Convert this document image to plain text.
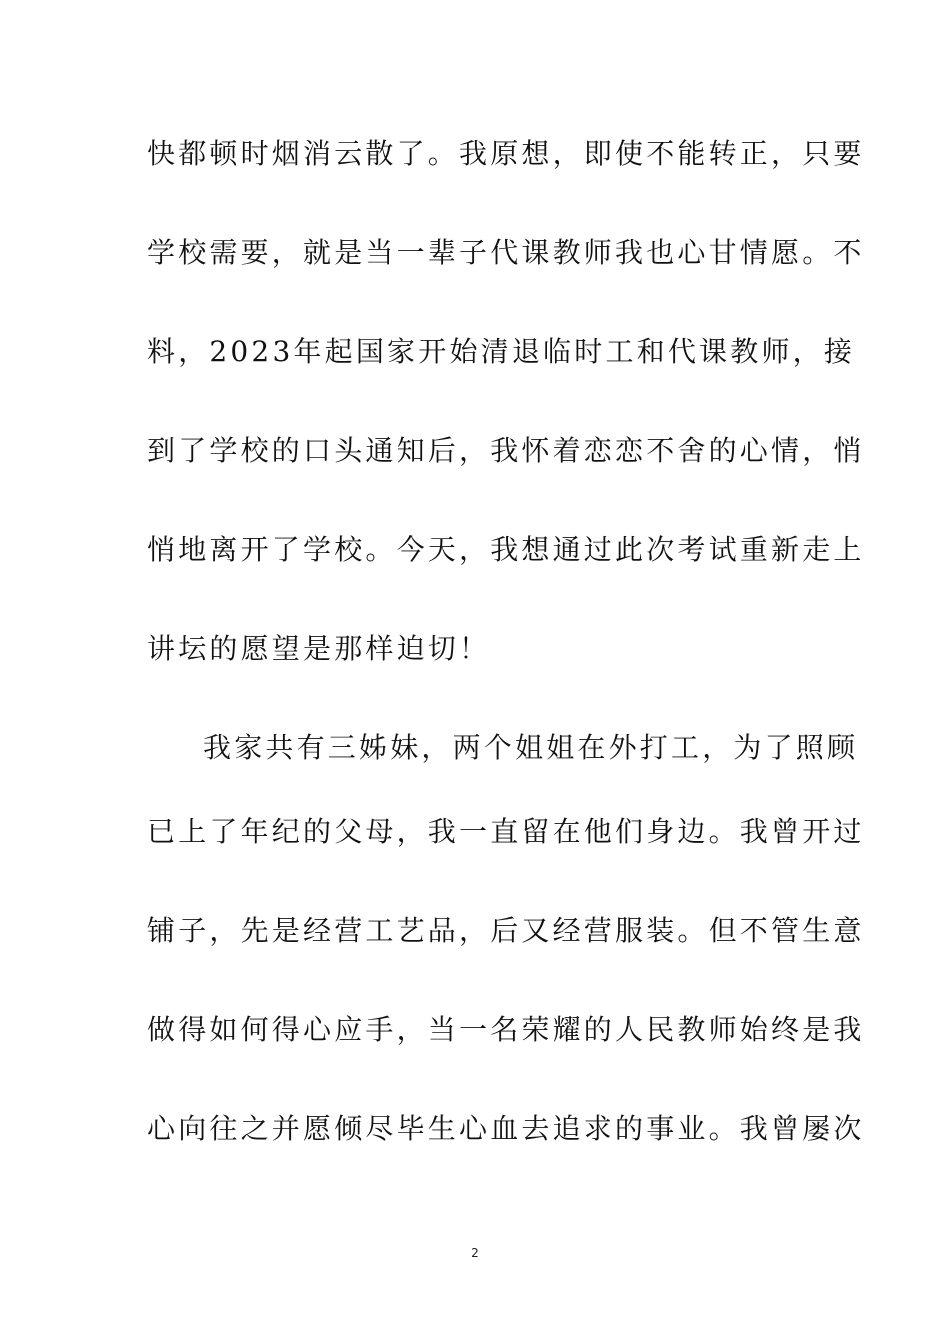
快都顿时烟消云散了。我原想，即使不能转正，只要
学校需要，就是当一辈子代课教师我也心甘情愿。不
料，2023年起国家开始清退临时工和代课教师，接
到了学校的口头通知后，我怀着恋恋不舍的心情，悄
悄地离开了学校。今天，我想通过此次考试重新走上
讲坛的愿望是那样迫切！
我家共有三姊妹，两个姐姐在外打工，为了照顾
已上了年纪的父母，我一直留在他们身边。我曾开过
铺子，先是经营工艺品，后又经营服装。但不管生意
做得如何得心应手，当一名荣耀的人民教师始终是我
心向往之并愿倾尽毕生心血去追求的事业。我曾屡次
2
